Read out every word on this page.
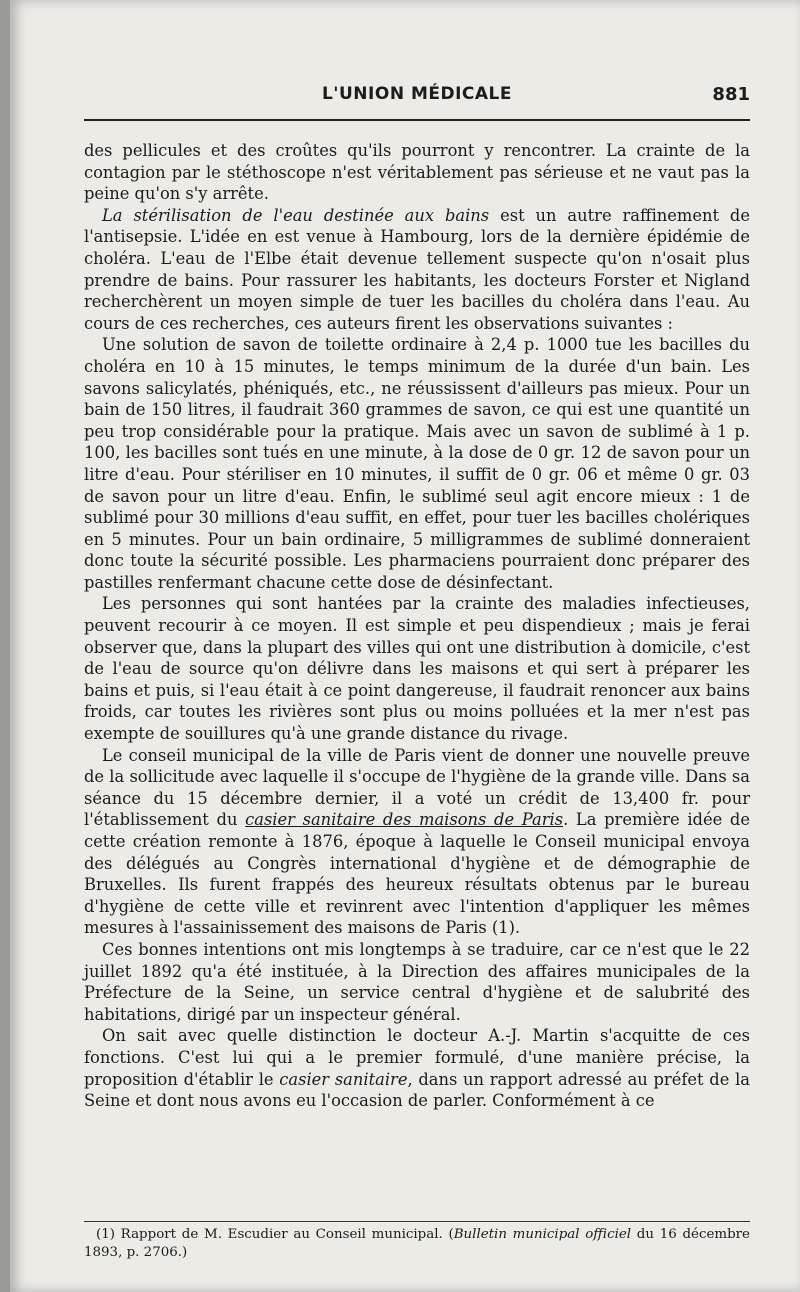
L'UNION MÉDICALE	881

des pellicules et des croûtes qu'ils pourront y rencontrer. La crainte de la contagion par le stéthoscope n'est véritablement pas sérieuse et ne vaut pas la peine qu'on s'y arrête.

La stérilisation de l'eau destinée aux bains est un autre raffinement de l'antisepsie. L'idée en est venue à Hambourg, lors de la dernière épidémie de choléra. L'eau de l'Elbe était devenue tellement suspecte qu'on n'osait plus prendre de bains. Pour rassurer les habitants, les docteurs Forster et Nigland recherchèrent un moyen simple de tuer les bacilles du choléra dans l'eau. Au cours de ces recherches, ces auteurs firent les observations suivantes :

Une solution de savon de toilette ordinaire à 2,4 p. 1000 tue les bacilles du choléra en 10 à 15 minutes, le temps minimum de la durée d'un bain. Les savons salicylatés, phéniqués, etc., ne réussissent d'ailleurs pas mieux. Pour un bain de 150 litres, il faudrait 360 grammes de savon, ce qui est une quantité un peu trop considérable pour la pratique. Mais avec un savon de sublimé à 1 p. 100, les bacilles sont tués en une minute, à la dose de 0 gr. 12 de savon pour un litre d'eau. Pour stériliser en 10 minutes, il suffit de 0 gr. 06 et même 0 gr. 03 de savon pour un litre d'eau. Enfin, le sublimé seul agit encore mieux : 1 de sublimé pour 30 millions d'eau suffit, en effet, pour tuer les bacilles cholériques en 5 minutes. Pour un bain ordinaire, 5 milligrammes de sublimé donneraient donc toute la sécurité possible. Les pharmaciens pourraient donc préparer des pastilles renfermant chacune cette dose de désinfectant.

Les personnes qui sont hantées par la crainte des maladies infectieuses, peuvent recourir à ce moyen. Il est simple et peu dispendieux ; mais je ferai observer que, dans la plupart des villes qui ont une distribution à domicile, c'est de l'eau de source qu'on délivre dans les maisons et qui sert à préparer les bains et puis, si l'eau était à ce point dangereuse, il faudrait renoncer aux bains froids, car toutes les rivières sont plus ou moins polluées et la mer n'est pas exempte de souillures qu'à une grande distance du rivage.

Le conseil municipal de la ville de Paris vient de donner une nouvelle preuve de la sollicitude avec laquelle il s'occupe de l'hygiène de la grande ville. Dans sa séance du 15 décembre dernier, il a voté un crédit de 13,400 fr. pour l'établissement du casier sanitaire des maisons de Paris. La première idée de cette création remonte à 1876, époque à laquelle le Conseil municipal envoya des délégués au Congrès international d'hygiène et de démographie de Bruxelles. Ils furent frappés des heureux résultats obtenus par le bureau d'hygiène de cette ville et revinrent avec l'intention d'appliquer les mêmes mesures à l'assainissement des maisons de Paris (1).

Ces bonnes intentions ont mis longtemps à se traduire, car ce n'est que le 22 juillet 1892 qu'a été instituée, à la Direction des affaires municipales de la Préfecture de la Seine, un service central d'hygiène et de salubrité des habitations, dirigé par un inspecteur général.

On sait avec quelle distinction le docteur A.-J. Martin s'acquitte de ces fonctions. C'est lui qui a le premier formulé, d'une manière précise, la proposition d'établir le casier sanitaire, dans un rapport adressé au préfet de la Seine et dont nous avons eu l'occasion de parler. Conformément à ce

(1) Rapport de M. Escudier au Conseil municipal. (Bulletin municipal officiel du 16 décembre 1893, p. 2706.)
